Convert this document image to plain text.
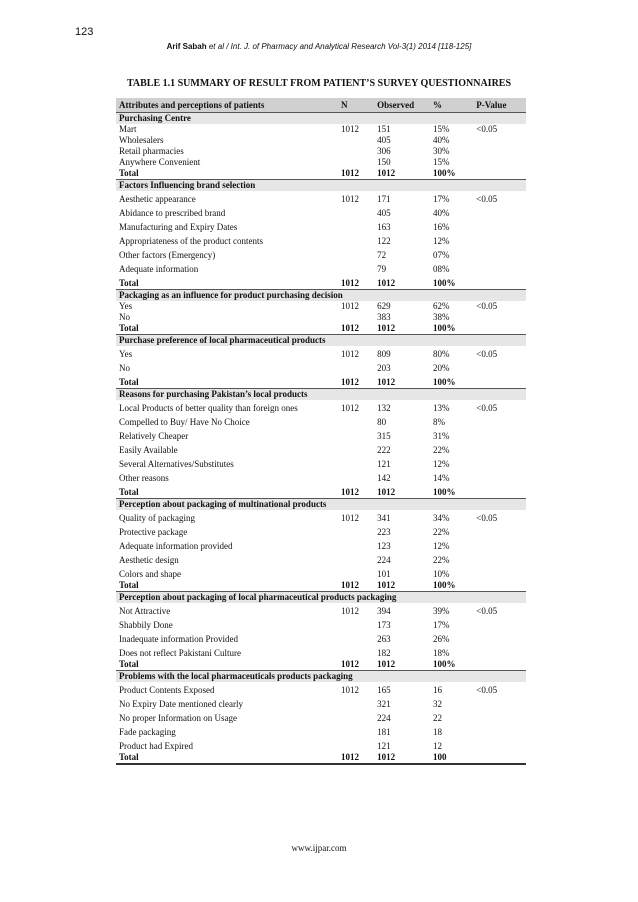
123
Arif Sabah et al / Int. J. of Pharmacy and Analytical Research Vol-3(1) 2014 [118-125]
TABLE 1.1 SUMMARY OF RESULT FROM PATIENT’S SURVEY QUESTIONNAIRES
Attributes and perceptions of patients	N	Observed	%	P-Value
Purchasing Centre				
Mart	1012	151	15%	<0.05
Wholesalers		405	40%	
Retail pharmacies		306	30%	
Anywhere Convenient		150	15%	
Total	1012	1012	100%	
Factors Influencing brand selection				
Aesthetic appearance	1012	171	17%	<0.05
Abidance to prescribed brand		405	40%	
Manufacturing and Expiry Dates		163	16%	
Appropriateness of the product contents		122	12%	
Other factors (Emergency)		72	07%	
Adequate information		79	08%	
Total	1012	1012	100%	
Packaging as an influence for product purchasing decision				
Yes	1012	629	62%	<0.05
No		383	38%	
Total	1012	1012	100%	
Purchase preference of local pharmaceutical products				
Yes	1012	809	80%	<0.05
No		203	20%	
Total	1012	1012	100%	
Reasons for purchasing Pakistan’s local products				
Local Products of better quality than foreign ones	1012	132	13%	<0.05
Compelled to Buy/ Have No Choice		80	8%	
Relatively Cheaper		315	31%	
Easily Available		222	22%	
Several Alternatives/Substitutes		121	12%	
Other reasons		142	14%	
Total	1012	1012	100%	
Perception about packaging of multinational products				
Quality of packaging	1012	341	34%	<0.05
Protective package		223	22%	
Adequate information provided		123	12%	
Aesthetic design		224	22%	
Colors and shape		101	10%	
Total	1012	1012	100%	
Perception about packaging of local pharmaceutical products packaging				
Not Attractive	1012	394	39%	<0.05
Shabbily Done		173	17%	
Inadequate information Provided		263	26%	
Does not reflect Pakistani Culture		182	18%	
Total	1012	1012	100%	
Problems with the local pharmaceuticals products packaging				
Product Contents Exposed	1012	165	16	<0.05
No Expiry Date mentioned clearly		321	32	
No proper Information on Usage		224	22	
Fade packaging		181	18	
Product had Expired		121	12	
Total	1012	1012	100	
www.ijpar.com
